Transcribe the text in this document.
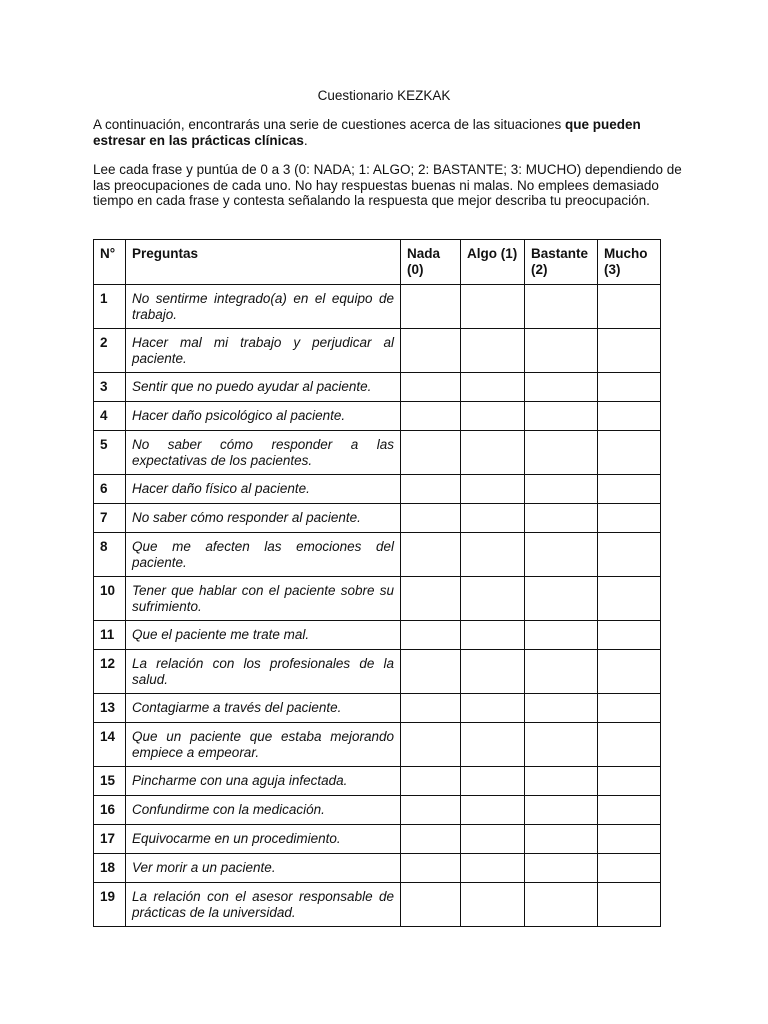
Cuestionario KEZKAK
A continuación, encontrarás una serie de cuestiones acerca de las situaciones que pueden estresar en las prácticas clínicas.
Lee cada frase y puntúa de 0 a 3 (0: NADA; 1: ALGO; 2: BASTANTE; 3: MUCHO) dependiendo de las preocupaciones de cada uno. No hay respuestas buenas ni malas. No emplees demasiado tiempo en cada frase y contesta señalando la respuesta que mejor describa tu preocupación.
N°	Preguntas	Nada (0)	Algo (1)	Bastante (2)	Mucho (3)

1	No sentirme integrado(a) en el equipo de trabajo.				

2	Hacer mal mi trabajo y perjudicar al paciente.				

3	Sentir que no puedo ayudar al paciente.				

4	Hacer daño psicológico al paciente.				

5	No saber cómo responder a las expectativas de los pacientes.				

6	Hacer daño físico al paciente.				

7	No saber cómo responder al paciente.				

8	Que me afecten las emociones del paciente.				

10	Tener que hablar con el paciente sobre su sufrimiento.				

11	Que el paciente me trate mal.				

12	La relación con los profesionales de la salud.				

13	Contagiarme a través del paciente.				

14	Que un paciente que estaba mejorando empiece a empeorar.				

15	Pincharme con una aguja infectada.				

16	Confundirme con la medicación.				

17	Equivocarme en un procedimiento.				

18	Ver morir a un paciente.				

19	La relación con el asesor responsable de prácticas de la universidad.				
